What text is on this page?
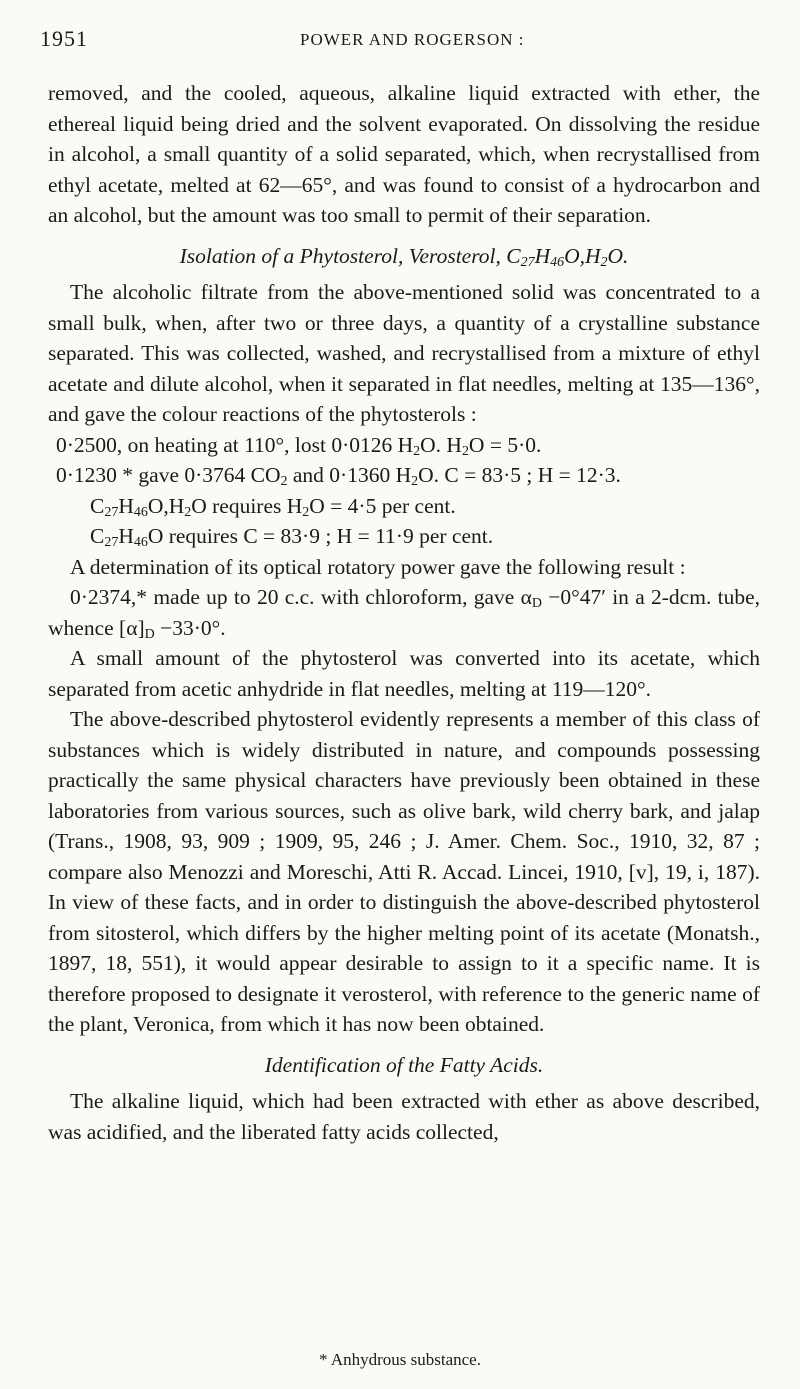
1951	POWER AND ROGERSON :

removed, and the cooled, aqueous, alkaline liquid extracted with ether, the ethereal liquid being dried and the solvent evaporated. On dissolving the residue in alcohol, a small quantity of a solid separated, which, when recrystallised from ethyl acetate, melted at 62—65°, and was found to consist of a hydrocarbon and an alcohol, but the amount was too small to permit of their separation.

Isolation of a Phytosterol, Verosterol, $C_{27}H_{46}O,H_2O$.

The alcoholic filtrate from the above-mentioned solid was concentrated to a small bulk, when, after two or three days, a quantity of a crystalline substance separated. This was collected, washed, and recrystallised from a mixture of ethyl acetate and dilute alcohol, when it separated in flat needles, melting at 135—136°, and gave the colour reactions of the phytosterols :

0·2500, on heating at 110°, lost 0·0126 $H_2O$. $H_2O = 5\cdot 0$.

0·1230 * gave 0·3764 $CO_2$ and 0·1360 $H_2O$. C = 83·5 ; H = 12·3.

$C_{27}H_{46}O,H_2O$ requires $H_2O = 4\cdot 5$ per cent.

$C_{27}H_{46}O$ requires C = 83·9 ; H = 11·9 per cent.

A determination of its optical rotatory power gave the following result :

0·2374,* made up to 20 c.c. with chloroform, gave $\alpha_D -0^\circ 47'$ in a 2-dcm. tube, whence $[\alpha]_D -33\cdot 0^\circ$.

A small amount of the phytosterol was converted into its acetate, which separated from acetic anhydride in flat needles, melting at 119—120°.

The above-described phytosterol evidently represents a member of this class of substances which is widely distributed in nature, and compounds possessing practically the same physical characters have previously been obtained in these laboratories from various sources, such as olive bark, wild cherry bark, and jalap (Trans., 1908, 93, 909 ; 1909, 95, 246 ; J. Amer. Chem. Soc., 1910, 32, 87 ; compare also Menozzi and Moreschi, Atti R. Accad. Lincei, 1910, [v], 19, i, 187). In view of these facts, and in order to distinguish the above-described phytosterol from sitosterol, which differs by the higher melting point of its acetate (Monatsh., 1897, 18, 551), it would appear desirable to assign to it a specific name. It is therefore proposed to designate it verosterol, with reference to the generic name of the plant, Veronica, from which it has now been obtained.

Identification of the Fatty Acids.

The alkaline liquid, which had been extracted with ether as above described, was acidified, and the liberated fatty acids collected,

* Anhydrous substance.
